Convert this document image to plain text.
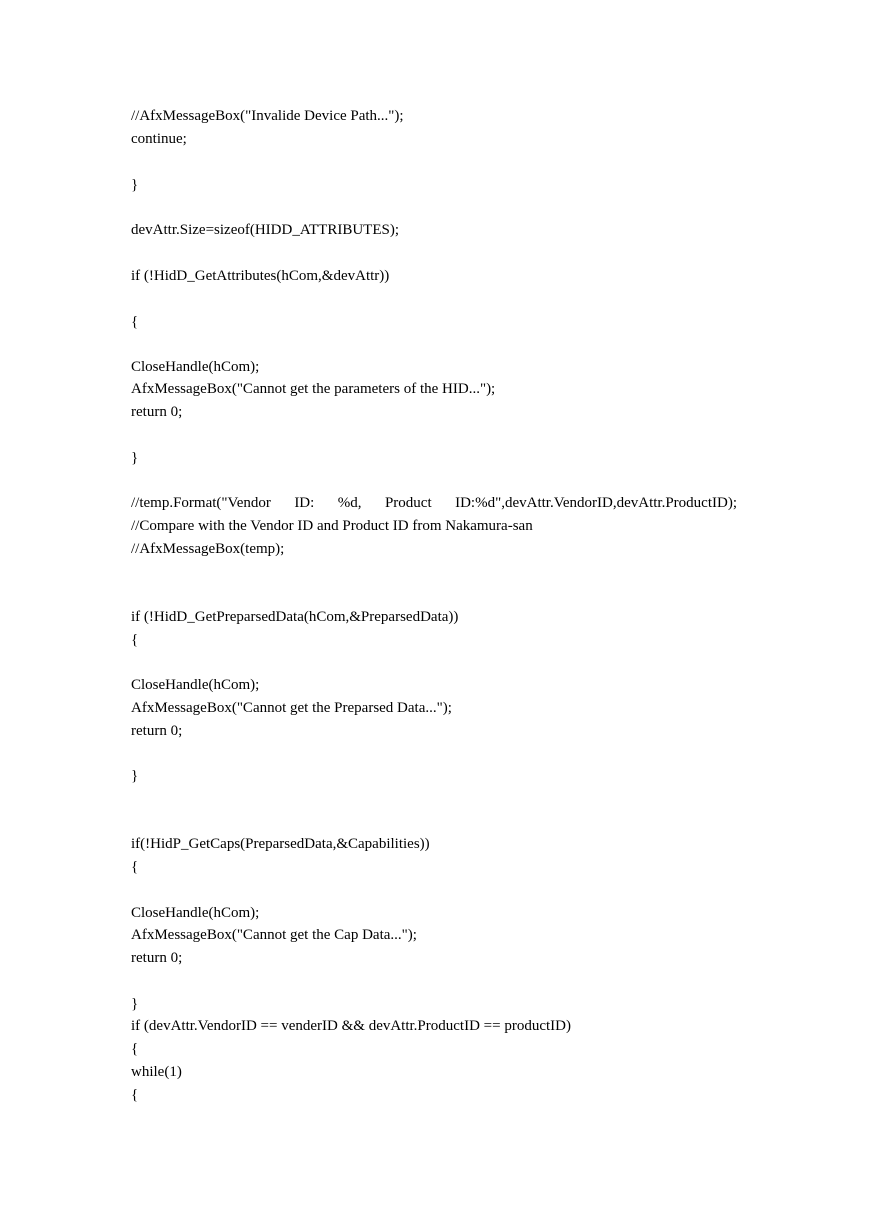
//AfxMessageBox("Invalide Device Path...");
continue;
}
devAttr.Size=sizeof(HIDD_ATTRIBUTES);
if (!HidD_GetAttributes(hCom,&devAttr))
{
CloseHandle(hCom);
AfxMessageBox("Cannot get the parameters of the HID...");
return 0;
}
//temp.Format("Vendor ID: %d, Product ID:%d",devAttr.VendorID,devAttr.ProductID);
//Compare with the Vendor ID and Product ID from Nakamura-san
//AfxMessageBox(temp);
if (!HidD_GetPreparsedData(hCom,&PreparsedData))
{
CloseHandle(hCom);
AfxMessageBox("Cannot get the Preparsed Data...");
return 0;
}
if(!HidP_GetCaps(PreparsedData,&Capabilities))
{
CloseHandle(hCom);
AfxMessageBox("Cannot get the Cap Data...");
return 0;
}
if (devAttr.VendorID == venderID && devAttr.ProductID == productID)
{
while(1)
{
